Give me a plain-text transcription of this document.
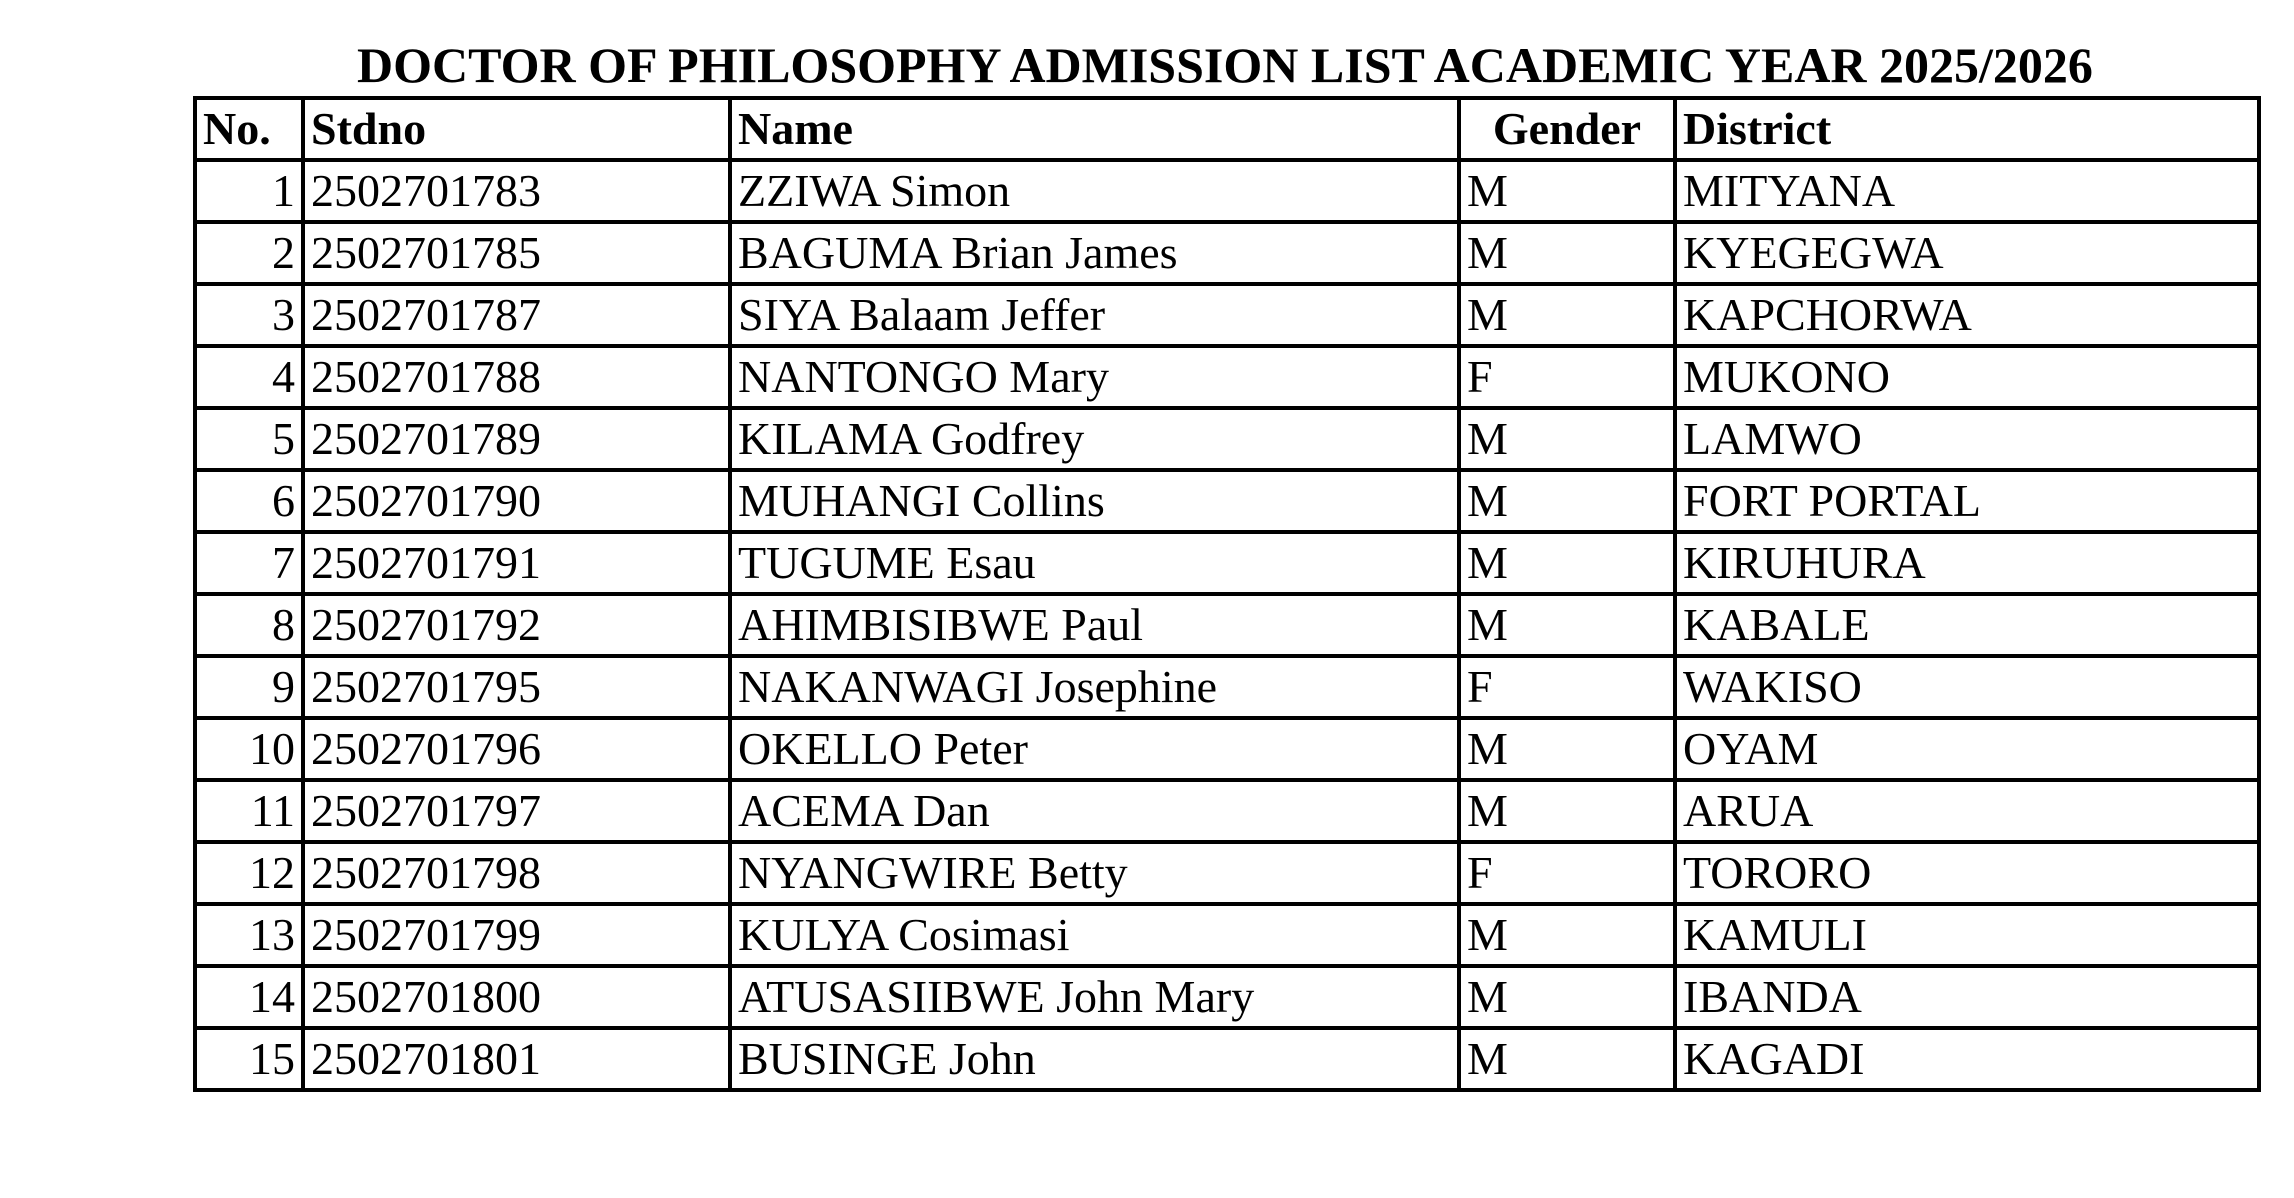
DOCTOR OF PHILOSOPHY ADMISSION LIST ACADEMIC YEAR 2025/2026
No.	Stdno	Name	Gender	District
1	2502701783	ZZIWA Simon	M	MITYANA
2	2502701785	BAGUMA Brian James	M	KYEGEGWA
3	2502701787	SIYA Balaam Jeffer	M	KAPCHORWA
4	2502701788	NANTONGO Mary	F	MUKONO
5	2502701789	KILAMA Godfrey	M	LAMWO
6	2502701790	MUHANGI Collins	M	FORT PORTAL
7	2502701791	TUGUME Esau	M	KIRUHURA
8	2502701792	AHIMBISIBWE Paul	M	KABALE
9	2502701795	NAKANWAGI Josephine	F	WAKISO
10	2502701796	OKELLO Peter	M	OYAM
11	2502701797	ACEMA Dan	M	ARUA
12	2502701798	NYANGWIRE Betty	F	TORORO
13	2502701799	KULYA Cosimasi	M	KAMULI
14	2502701800	ATUSASIIBWE John Mary	M	IBANDA
15	2502701801	BUSINGE John	M	KAGADI
